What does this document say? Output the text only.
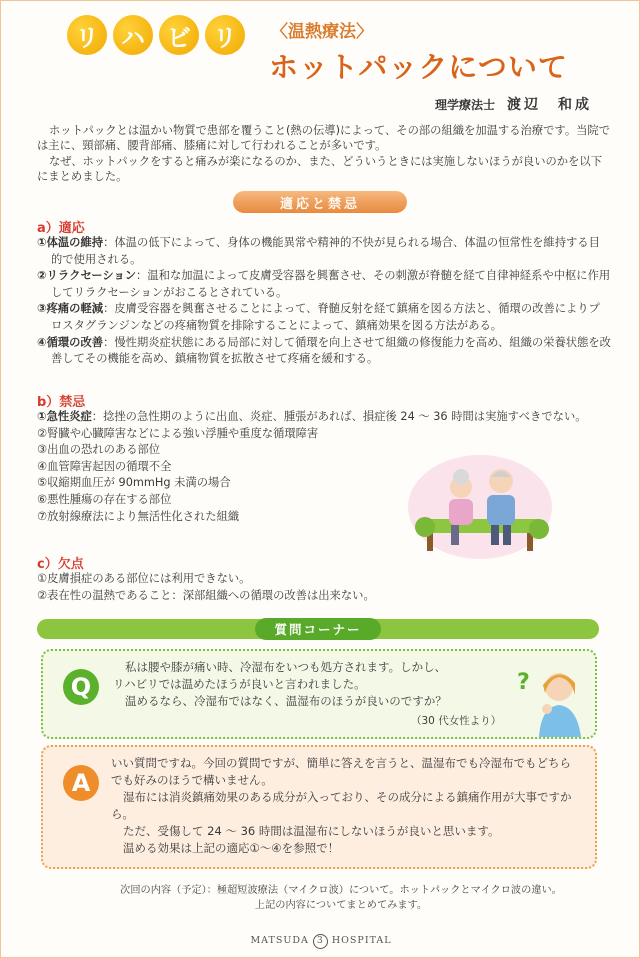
リ ハ ビ リ	〈温熱療法〉
ホットパックについて
理学療法士 渡辺　和成

ホットパックとは温かい物質で患部を覆うこと(熱の伝導)によって、その部の組織を加温する治療です。当院では主に、頸部痛、腰背部痛、膝痛に対して行われることが多いです。

なぜ、ホットパックをすると痛みが楽になるのか、また、どういうときには実施しないほうが良いのかを以下にまとめました。

適応と禁忌
a）適応
①体温の維持：体温の低下によって、身体の機能異常や精神的不快が見られる場合、体温の恒常性を維持する目的で使用される。
②リラクセーション：温和な加温によって皮膚受容器を興奮させ、その刺激が脊髄を経て自律神経系や中枢に作用してリラクセーションがおこるとされている。
③疼痛の軽減：皮膚受容器を興奮させることによって、脊髄反射を経て鎮痛を図る方法と、循環の改善によりプロスタグランジンなどの疼痛物質を排除することによって、鎮痛効果を図る方法がある。
④循環の改善：慢性期炎症状態にある局部に対して循環を向上させて組織の修復能力を高め、組織の栄養状態を改善してその機能を高め、鎮痛物質を拡散させて疼痛を緩和する。
b）禁忌
①急性炎症：捻挫の急性期のように出血、炎症、腫張があれば、損症後 24 ～ 36 時間は実施すべきでない。
②腎臓や心臓障害などによる強い浮腫や重度な循環障害
③出血の恐れのある部位
④血管障害起因の循環不全
⑤収縮期血圧が 90mmHg 未満の場合
⑥悪性腫瘍の存在する部位
⑦放射線療法により無活性化された組織
c）欠点
①皮膚損症のある部位には利用できない。
②表在性の温熱であること：深部組織への循環の改善は出来ない。
質問コーナー
Q

私は腰や膝が痛い時、冷湿布をいつも処方されます。しかし、

リハビリでは温めたほうが良いと言われました。

温めるなら、冷湿布ではなく、温湿布のほうが良いのですか？

（30 代女性より）
?
A

いい質問ですね。今回の質問ですが、簡単に答えを言うと、温湿布でも冷湿布でもどちらでも好みのほうで構いません。

湿布には消炎鎮痛効果のある成分が入っており、その成分による鎮痛作用が大事ですから。

ただ、受傷して 24 ～ 36 時間は温湿布にしないほうが良いと思います。

温める効果は上記の適応①～④を参照で！

次回の内容（予定）：極超短波療法（マイクロ波）について。ホットパックとマイクロ波の違い。
上記の内容についてまとめてみます。
MATSUDA 3 HOSPITAL
